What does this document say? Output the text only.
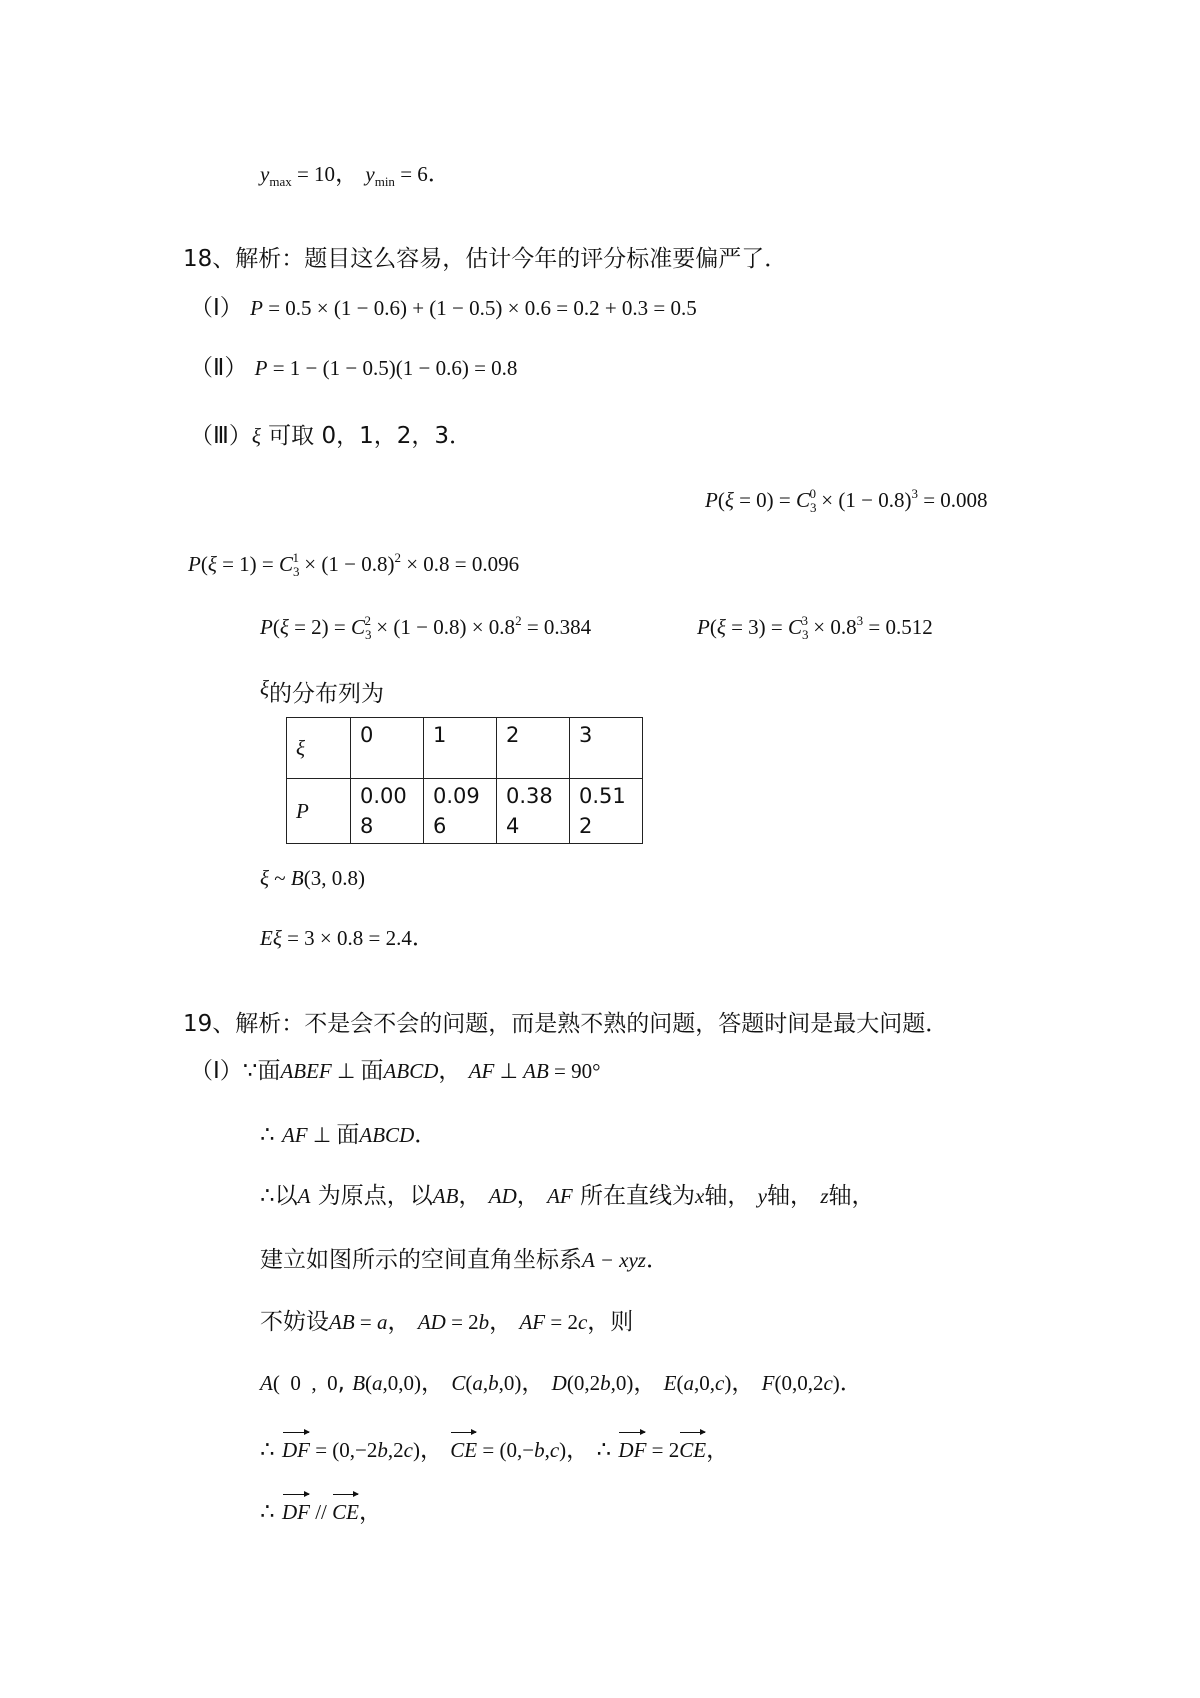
$y_{max} = 10$， $y_{min} = 6$．
18、解析：题目这么容易，估计今年的评分标准要偏严了．
（Ⅰ） P = 0.5 × (1 − 0.6) + (1 − 0.5) × 0.6 = 0.2 + 0.3 = 0.5
（Ⅱ） P = 1 − (1 − 0.5)(1 − 0.6) = 0.8
（Ⅲ）ξ 可取 0，1，2，3．
$P(\xi = 0) = C_3^0 \times (1 - 0.8)^3 = 0.008$
$P(\xi = 1) = C_3^1 \times (1 - 0.8)^2 \times 0.8 = 0.096$
$P(\xi = 2) = C_3^2 \times (1 - 0.8) \times 0.8^2 = 0.384$	$P(\xi = 3) = C_3^3 \times 0.8^3 = 0.512$
ξ的分布列为
ξ	0	1	2	3
P	0.008	0.096	0.384	0.512
ξ ~ B(3, 0.8)
Eξ = 3 × 0.8 = 2.4．
19、解析：不是会不会的问题，而是熟不熟的问题，答题时间是最大问题．
（Ⅰ）∵面ABEF ⊥ 面ABCD， AF ⊥ AB = 90°
∴ AF ⊥ 面ABCD．
∴以A 为原点，以AB， AD， AF 所在直线为x轴， y轴， z轴，
建立如图所示的空间直角坐标系A − xyz．
不妨设AB = a， AD = 2b， AF = 2c，则
A(  0  ,  0, B(a,0,0)， C(a,b,0)， D(0,2b,0)， E(a,0,c)， F(0,0,2c)．
∴ DF = (0,−2b,2c)， CE = (0,−b,c)， ∴ DF = 2CE，
∴ DF // CE，
